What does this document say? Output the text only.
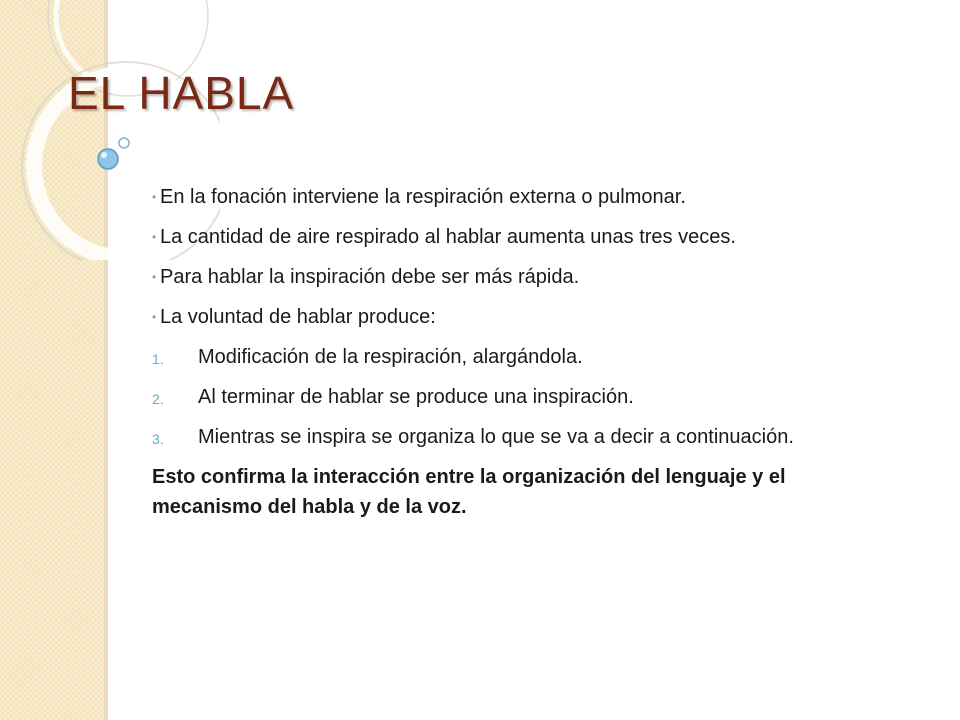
EL HABLA
• En la fonación interviene la respiración externa o pulmonar.
• La cantidad de aire respirado al hablar aumenta unas tres veces.
• Para hablar la inspiración debe ser más rápida.
• La voluntad de hablar produce:
1. Modificación de la respiración, alargándola.
2. Al terminar de hablar se produce una inspiración.
3. Mientras se inspira se organiza lo que se va a decir a continuación.
Esto confirma la interacción entre la organización del lenguaje y el mecanismo del habla y de la voz.
